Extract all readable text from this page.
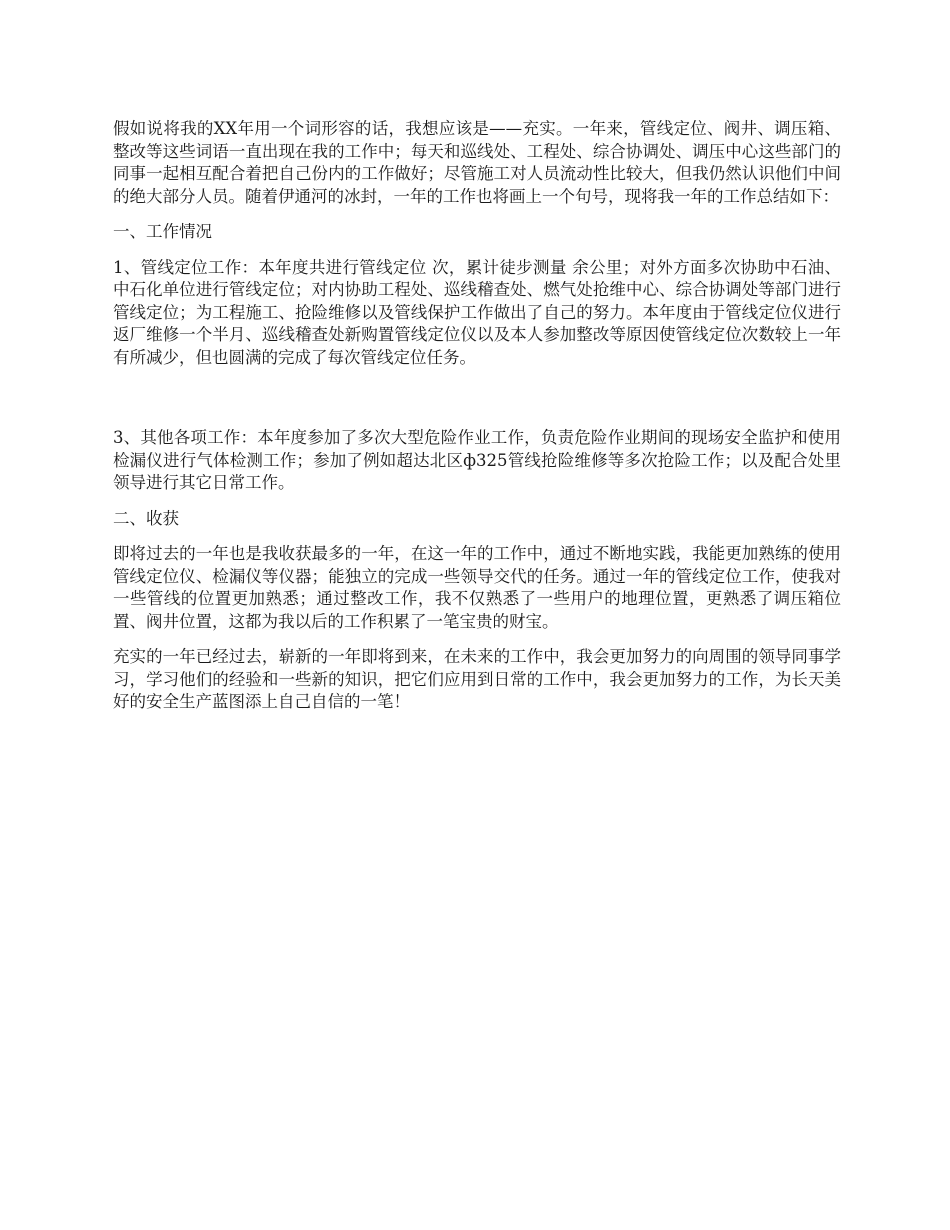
假如说将我的XX年用一个词形容的话，我想应该是——充实。一年来，管线定位、阀井、调压箱、整改等这些词语一直出现在我的工作中；每天和巡线处、工程处、综合协调处、调压中心这些部门的同事一起相互配合着把自己份内的工作做好；尽管施工对人员流动性比较大，但我仍然认识他们中间的绝大部分人员。随着伊通河的冰封，一年的工作也将画上一个句号，现将我一年的工作总结如下：

一、工作情况

1、管线定位工作：本年度共进行管线定位 次，累计徒步测量 余公里；对外方面多次协助中石油、中石化单位进行管线定位；对内协助工程处、巡线稽查处、燃气处抢维中心、综合协调处等部门进行管线定位；为工程施工、抢险维修以及管线保护工作做出了自己的努力。本年度由于管线定位仪进行返厂维修一个半月、巡线稽查处新购置管线定位仪以及本人参加整改等原因使管线定位次数较上一年有所减少，但也圆满的完成了每次管线定位任务。

3、其他各项工作：本年度参加了多次大型危险作业工作，负责危险作业期间的现场安全监护和使用检漏仪进行气体检测工作；参加了例如超达北区ф325管线抢险维修等多次抢险工作；以及配合处里领导进行其它日常工作。

二、收获

即将过去的一年也是我收获最多的一年，在这一年的工作中，通过不断地实践，我能更加熟练的使用管线定位仪、检漏仪等仪器；能独立的完成一些领导交代的任务。通过一年的管线定位工作，使我对一些管线的位置更加熟悉；通过整改工作，我不仅熟悉了一些用户的地理位置，更熟悉了调压箱位置、阀井位置，这都为我以后的工作积累了一笔宝贵的财宝。

充实的一年已经过去，崭新的一年即将到来，在未来的工作中，我会更加努力的向周围的领导同事学习，学习他们的经验和一些新的知识，把它们应用到日常的工作中，我会更加努力的工作，为长天美好的安全生产蓝图添上自己自信的一笔！
